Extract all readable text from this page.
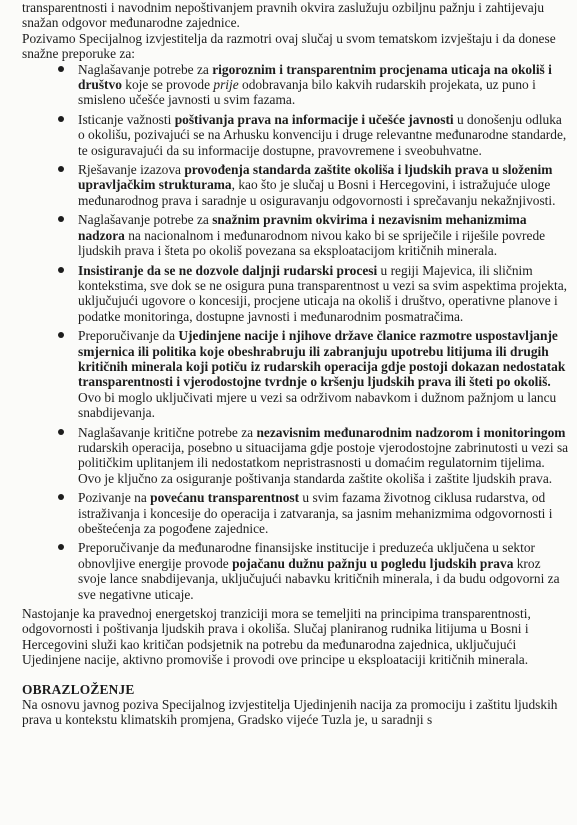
transparentnosti i navodnim nepoštivanjem pravnih okvira zaslužuju ozbiljnu pažnju i zahtijevaju snažan odgovor međunarodne zajednice.

Pozivamo Specijalnog izvjestitelja da razmotri ovaj slučaj u svom tematskom izvještaju i da donese snažne preporuke za:

Naglašavanje potrebe za rigoroznim i transparentnim procjenama uticaja na okoliš i društvo koje se provode prije odobravanja bilo kakvih rudarskih projekata, uz puno i smisleno učešće javnosti u svim fazama.
Isticanje važnosti poštivanja prava na informacije i učešće javnosti u donošenju odluka o okolišu, pozivajući se na Arhusku konvenciju i druge relevantne međunarodne standarde, te osiguravajući da su informacije dostupne, pravovremene i sveobuhvatne.
Rješavanje izazova provođenja standarda zaštite okoliša i ljudskih prava u složenim upravljačkim strukturama, kao što je slučaj u Bosni i Hercegovini, i istražujuće uloge međunarodnog prava i saradnje u osiguravanju odgovornosti i sprečavanju nekažnjivosti.
Naglašavanje potrebe za snažnim pravnim okvirima i nezavisnim mehanizmima nadzora na nacionalnom i međunarodnom nivou kako bi se spriječile i riješile povrede ljudskih prava i šteta po okoliš povezana sa eksploatacijom kritičnih minerala.
Insistiranje da se ne dozvole daljnji rudarski procesi u regiji Majevica, ili sličnim kontekstima, sve dok se ne osigura puna transparentnost u vezi sa svim aspektima projekta, uključujući ugovore o koncesiji, procjene uticaja na okoliš i društvo, operativne planove i podatke monitoringa, dostupne javnosti i međunarodnim posmatračima.
Preporučivanje da Ujedinjene nacije i njihove države članice razmotre uspostavljanje smjernica ili politika koje obeshrabruju ili zabranjuju upotrebu litijuma ili drugih kritičnih minerala koji potiču iz rudarskih operacija gdje postoji dokazan nedostatak transparentnosti i vjerodostojne tvrdnje o kršenju ljudskih prava ili šteti po okoliš. Ovo bi moglo uključivati mjere u vezi sa održivom nabavkom i dužnom pažnjom u lancu snabdijevanja.
Naglašavanje kritične potrebe za nezavisnim međunarodnim nadzorom i monitoringom rudarskih operacija, posebno u situacijama gdje postoje vjerodostojne zabrinutosti u vezi sa političkim uplitanjem ili nedostatkom nepristrasnosti u domaćim regulatornim tijelima. Ovo je ključno za osiguranje poštivanja standarda zaštite okoliša i zaštite ljudskih prava.
Pozivanje na povećanu transparentnost u svim fazama životnog ciklusa rudarstva, od istraživanja i koncesije do operacija i zatvaranja, sa jasnim mehanizmima odgovornosti i obeštećenja za pogođene zajednice.
Preporučivanje da međunarodne finansijske institucije i preduzeća uključena u sektor obnovljive energije provode pojačanu dužnu pažnju u pogledu ljudskih prava kroz svoje lance snabdijevanja, uključujući nabavku kritičnih minerala, i da budu odgovorni za sve negativne uticaje.

Nastojanje ka pravednoj energetskoj tranziciji mora se temeljiti na principima transparentnosti, odgovornosti i poštivanja ljudskih prava i okoliša. Slučaj planiranog rudnika litijuma u Bosni i Hercegovini služi kao kritičan podsjetnik na potrebu da međunarodna zajednica, uključujući Ujedinjene nacije, aktivno promoviše i provodi ove principe u eksploataciji kritičnih minerala.

OBRAZLOŽENJE

Na osnovu javnog poziva Specijalnog izvjestitelja Ujedinjenih nacija za promociju i zaštitu ljudskih prava u kontekstu klimatskih promjena, Gradsko vijeće Tuzla je, u saradnji s
